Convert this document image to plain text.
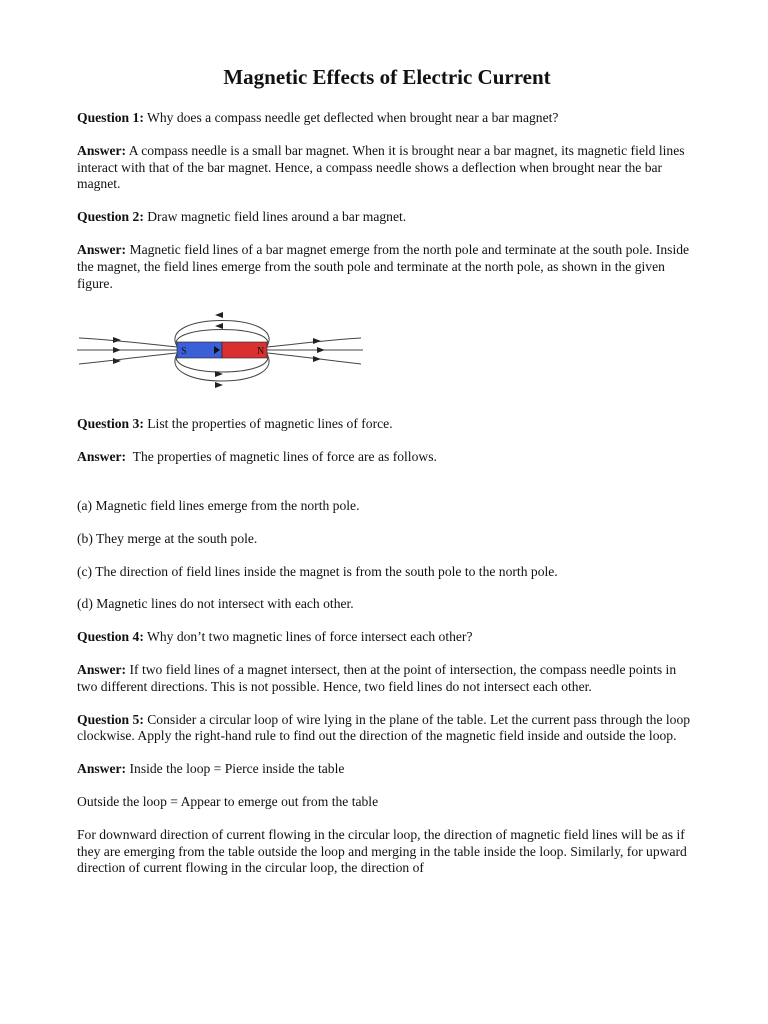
Magnetic Effects of Electric Current

Question 1: Why does a compass needle get deflected when brought near a bar magnet?

Answer: A compass needle is a small bar magnet. When it is brought near a bar magnet, its magnetic field lines interact with that of the bar magnet. Hence, a compass needle shows a deflection when brought near the bar magnet.

Question 2: Draw magnetic field lines around a bar magnet.

Answer: Magnetic field lines of a bar magnet emerge from the north pole and terminate at the south pole. Inside the magnet, the field lines emerge from the south pole and terminate at the north pole, as shown in the given figure.

S	N

Question 3: List the properties of magnetic lines of force.

Answer:  The properties of magnetic lines of force are as follows.

(a) Magnetic field lines emerge from the north pole.

(b) They merge at the south pole.

(c) The direction of field lines inside the magnet is from the south pole to the north pole.

(d) Magnetic lines do not intersect with each other.

Question 4: Why don’t two magnetic lines of force intersect each other?

Answer: If two field lines of a magnet intersect, then at the point of intersection, the compass needle points in two different directions. This is not possible. Hence, two field lines do not intersect each other.

Question 5: Consider a circular loop of wire lying in the plane of the table. Let the current pass through the loop clockwise. Apply the right-hand rule to find out the direction of the magnetic field inside and outside the loop.

Answer: Inside the loop = Pierce inside the table

Outside the loop = Appear to emerge out from the table

For downward direction of current flowing in the circular loop, the direction of magnetic field lines will be as if they are emerging from the table outside the loop and merging in the table inside the loop. Similarly, for upward direction of current flowing in the circular loop, the direction of
